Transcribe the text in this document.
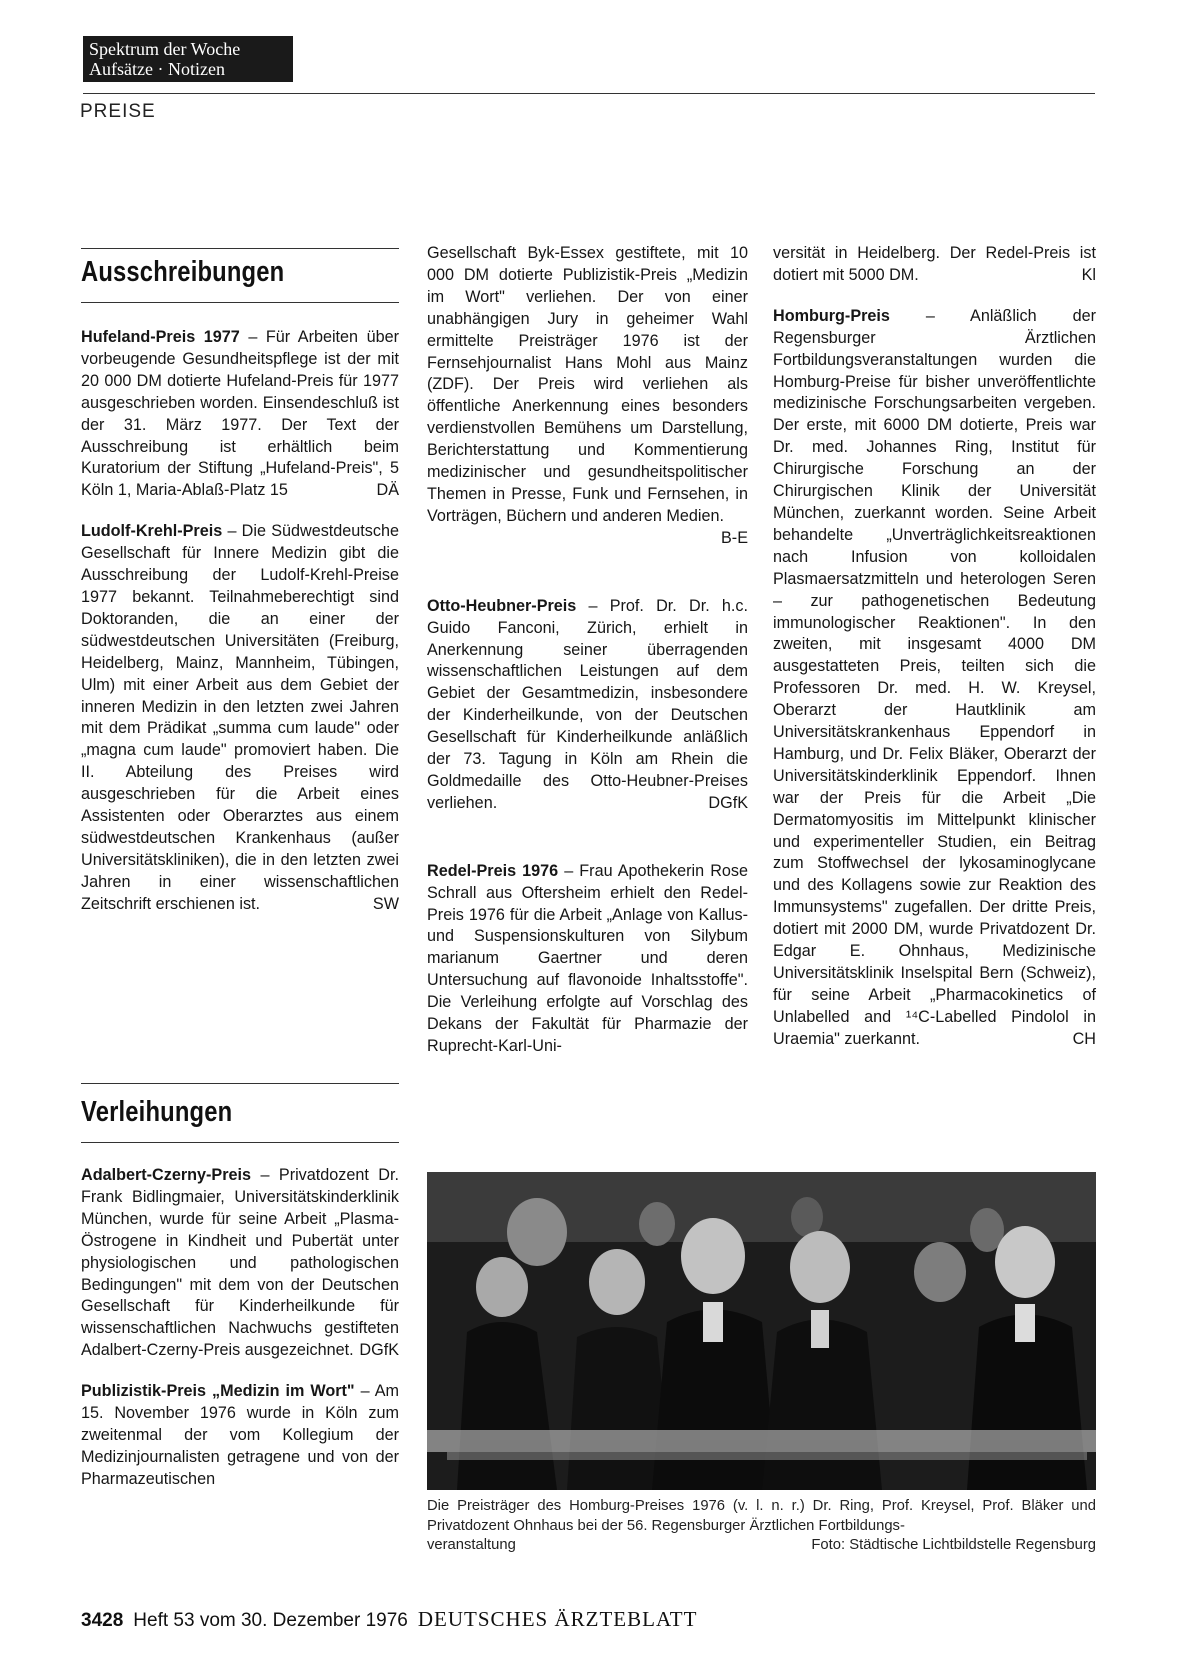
Spektrum der Woche
Aufsätze · Notizen
PREISE
Ausschreibungen

Hufeland-Preis 1977 – Für Arbeiten über vorbeugende Gesundheitspflege ist der mit 20 000 DM dotierte Hufeland-Preis für 1977 ausgeschrieben worden. Einsendeschluß ist der 31. März 1977. Der Text der Ausschreibung ist erhältlich beim Kuratorium der Stiftung „Hufeland-Preis", 5 Köln 1, Maria-Ablaß-Platz 15	DÄ

Ludolf-Krehl-Preis – Die Südwestdeutsche Gesellschaft für Innere Medizin gibt die Ausschreibung der Ludolf-Krehl-Preise 1977 bekannt. Teilnahmeberechtigt sind Doktoranden, die an einer der südwestdeutschen Universitäten (Freiburg, Heidelberg, Mainz, Mannheim, Tübingen, Ulm) mit einer Arbeit aus dem Gebiet der inneren Medizin in den letzten zwei Jahren mit dem Prädikat „summa cum laude" oder „magna cum laude" promoviert haben. Die II. Abteilung des Preises wird ausgeschrieben für die Arbeit eines Assistenten oder Oberarztes aus einem südwestdeutschen Krankenhaus (außer Universitätskliniken), die in den letzten zwei Jahren in einer wissenschaftlichen Zeitschrift erschienen ist.	SW

Verleihungen

Adalbert-Czerny-Preis – Privatdozent Dr. Frank Bidlingmaier, Universitätskinderklinik München, wurde für seine Arbeit „Plasma-Östrogene in Kindheit und Pubertät unter physiologischen und pathologischen Bedingungen" mit dem von der Deutschen Gesellschaft für Kinderheilkunde für wissenschaftlichen Nachwuchs gestifteten Adalbert-Czerny-Preis ausgezeichnet. DGfK

Publizistik-Preis „Medizin im Wort" – Am 15. November 1976 wurde in Köln zum zweitenmal der vom Kollegium der Medizinjournalisten getragene und von der Pharmazeutischen

Gesellschaft Byk-Essex gestiftete, mit 10 000 DM dotierte Publizistik-Preis „Medizin im Wort" verliehen. Der von einer unabhängigen Jury in geheimer Wahl ermittelte Preisträger 1976 ist der Fernsehjournalist Hans Mohl aus Mainz (ZDF). Der Preis wird verliehen als öffentliche Anerkennung eines besonders verdienstvollen Bemühens um Darstellung, Berichterstattung und Kommentierung medizinischer und gesundheitspolitischer Themen in Presse, Funk und Fernsehen, in Vorträgen, Büchern und anderen Medien.
B-E

Otto-Heubner-Preis – Prof. Dr. Dr. h.c. Guido Fanconi, Zürich, erhielt in Anerkennung seiner überragenden wissenschaftlichen Leistungen auf dem Gebiet der Gesamtmedizin, insbesondere der Kinderheilkunde, von der Deutschen Gesellschaft für Kinderheilkunde anläßlich der 73. Tagung in Köln am Rhein die Goldmedaille des Otto-Heubner-Preises verliehen.	DGfK

Redel-Preis 1976 – Frau Apothekerin Rose Schrall aus Oftersheim erhielt den Redel-Preis 1976 für die Arbeit „Anlage von Kallus- und Suspensionskulturen von Silybum marianum Gaertner und deren Untersuchung auf flavonoide Inhaltsstoffe". Die Verleihung erfolgte auf Vorschlag des Dekans der Fakultät für Pharmazie der Ruprecht-Karl-Uni-

versität in Heidelberg. Der Redel-Preis ist dotiert mit 5000 DM.	Kl

Homburg-Preis – Anläßlich der Regensburger Ärztlichen Fortbildungsveranstaltungen wurden die Homburg-Preise für bisher unveröffentlichte medizinische Forschungsarbeiten vergeben. Der erste, mit 6000 DM dotierte, Preis war Dr. med. Johannes Ring, Institut für Chirurgische Forschung an der Chirurgischen Klinik der Universität München, zuerkannt worden. Seine Arbeit behandelte „Unverträglichkeitsreaktionen nach Infusion von kolloidalen Plasmaersatzmitteln und heterologen Seren – zur pathogenetischen Bedeutung immunologischer Reaktionen". In den zweiten, mit insgesamt 4000 DM ausgestatteten Preis, teilten sich die Professoren Dr. med. H. W. Kreysel, Oberarzt der Hautklinik am Universitätskrankenhaus Eppendorf in Hamburg, und Dr. Felix Bläker, Oberarzt der Universitätskinderklinik Eppendorf. Ihnen war der Preis für die Arbeit „Die Dermatomyositis im Mittelpunkt klinischer und experimenteller Studien, ein Beitrag zum Stoffwechsel der lykosaminoglycane und des Kollagens sowie zur Reaktion des Immunsystems" zugefallen. Der dritte Preis, dotiert mit 2000 DM, wurde Privatdozent Dr. Edgar E. Ohnhaus, Medizinische Universitätsklinik Inselspital Bern (Schweiz), für seine Arbeit „Pharmacokinetics of Unlabelled and ¹⁴C-Labelled Pindolol in Uraemia" zuerkannt.	CH

Die Preisträger des Homburg-Preises 1976 (v. l. n. r.) Dr. Ring, Prof. Kreysel, Prof. Bläker und Privatdozent Ohnhaus bei der 56. Regensburger Ärztlichen Fortbildungs-

veranstaltung	Foto: Städtische Lichtbildstelle Regensburg
3428 Heft 53 vom 30. Dezember 1976 DEUTSCHES ÄRZTEBLATT
